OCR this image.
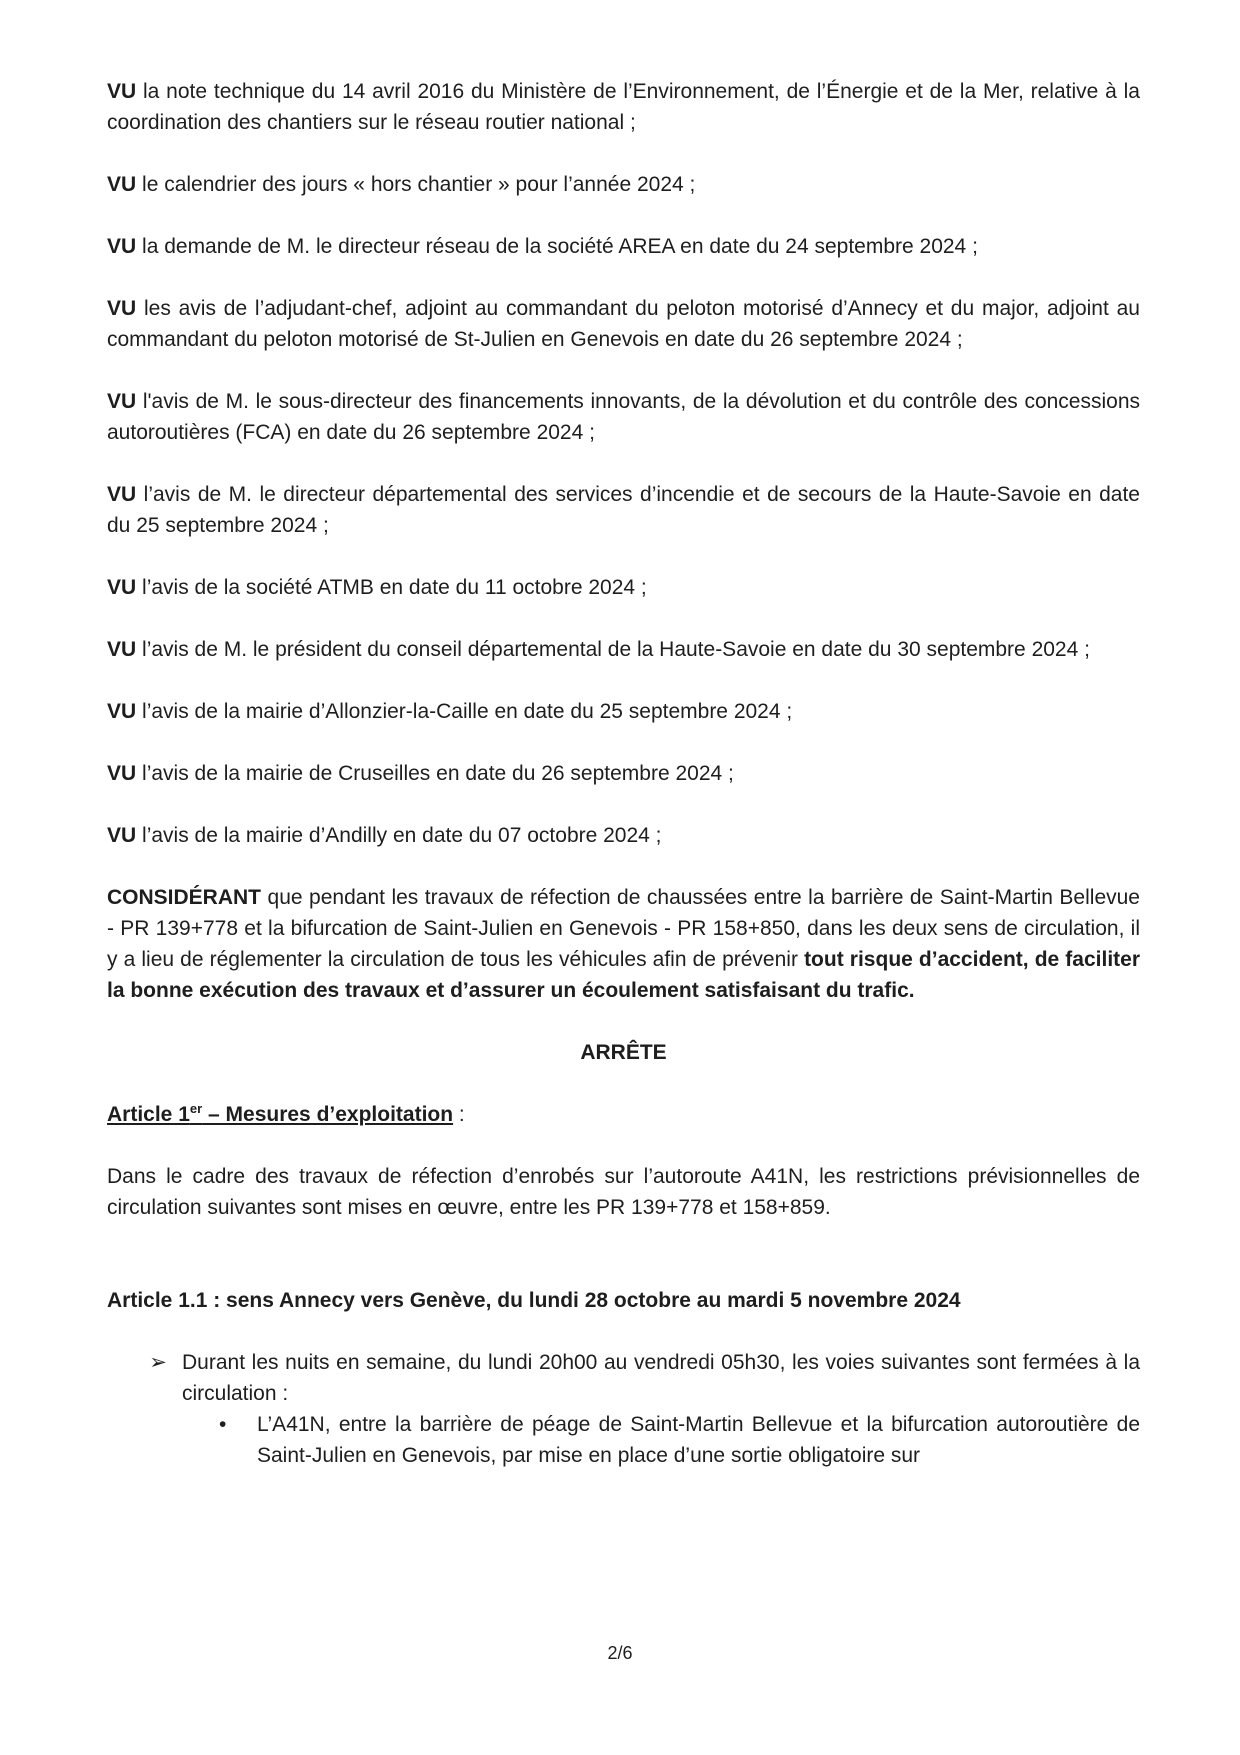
VU la note technique du 14 avril 2016 du Ministère de l’Environnement, de l’Énergie et de la Mer, relative à la coordination des chantiers sur le réseau routier national ;

VU le calendrier des jours « hors chantier » pour l’année 2024 ;

VU la demande de M. le directeur réseau de la société AREA en date du 24 septembre 2024 ;

VU les avis de l’adjudant-chef, adjoint au commandant du peloton motorisé d’Annecy et du major, adjoint au commandant du peloton motorisé de St-Julien en Genevois en date du 26 septembre 2024 ;

VU l'avis de M. le sous-directeur des financements innovants, de la dévolution et du contrôle des concessions autoroutières (FCA) en date du 26 septembre 2024 ;

VU l’avis de M. le directeur départemental des services d’incendie et de secours de la Haute-Savoie en date du 25 septembre 2024 ;

VU l’avis de la société ATMB en date du 11 octobre 2024 ;

VU l’avis de M. le président du conseil départemental de la Haute-Savoie en date du 30 septembre 2024 ;

VU l’avis de la mairie d’Allonzier-la-Caille en date du 25 septembre 2024 ;

VU l’avis de la mairie de Cruseilles en date du 26 septembre 2024 ;

VU l’avis de la mairie d’Andilly en date du 07 octobre 2024 ;

CONSIDÉRANT que pendant les travaux de réfection de chaussées entre la barrière de Saint-Martin Bellevue - PR 139+778 et la bifurcation de Saint-Julien en Genevois - PR 158+850, dans les deux sens de circulation, il y a lieu de réglementer la circulation de tous les véhicules afin de prévenir tout risque d’accident, de faciliter la bonne exécution des travaux et d’assurer un écoulement satisfaisant du trafic.

ARRÊTE

Article 1er – Mesures d’exploitation :

Dans le cadre des travaux de réfection d’enrobés sur l’autoroute A41N, les restrictions prévisionnelles de circulation suivantes sont mises en œuvre, entre les PR 139+778 et 158+859.

Article 1.1 : sens Annecy vers Genève, du lundi 28 octobre au mardi 5 novembre 2024

➢ Durant les nuits en semaine, du lundi 20h00 au vendredi 05h30, les voies suivantes sont fermées à la circulation :
• L’A41N, entre la barrière de péage de Saint-Martin Bellevue et la bifurcation autoroutière de Saint-Julien en Genevois, par mise en place d’une sortie obligatoire sur
2/6
